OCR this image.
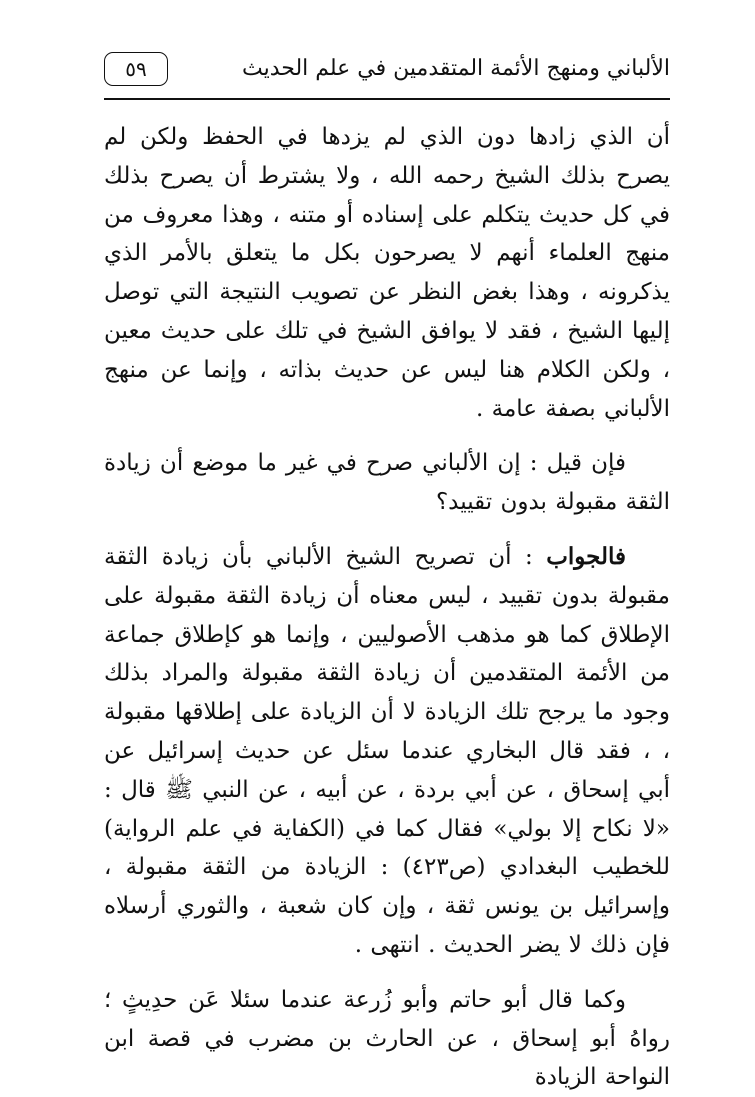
الألباني ومنهج الأئمة المتقدمين في علم الحديث
٥٩

أن الذي زادها دون الذي لم يزدها في الحفظ ولكن لم يصرح بذلك الشيخ رحمه الله ، ولا يشترط أن يصرح بذلك في كل حديث يتكلم على إسناده أو متنه ، وهذا معروف من منهج العلماء أنهم لا يصرحون بكل ما يتعلق بالأمر الذي يذكرونه ، وهذا بغض النظر عن تصويب النتيجة التي توصل إليها الشيخ ، فقد لا يوافق الشيخ في تلك على حديث معين ، ولكن الكلام هنا ليس عن حديث بذاته ، وإنما عن منهج الألباني بصفة عامة .

فإن قيل : إن الألباني صرح في غير ما موضع أن زيادة الثقة مقبولة بدون تقييد؟

فالجواب : أن تصريح الشيخ الألباني بأن زيادة الثقة مقبولة بدون تقييد ، ليس معناه أن زيادة الثقة مقبولة على الإطلاق كما هو مذهب الأصوليين ، وإنما هو كإطلاق جماعة من الأئمة المتقدمين أن زيادة الثقة مقبولة والمراد بذلك وجود ما يرجح تلك الزيادة لا أن الزيادة على إطلاقها مقبولة ، ، فقد قال البخاري عندما سئل عن حديث إسرائيل عن أبي إسحاق ، عن أبي بردة ، عن أبيه ، عن النبي ﷺ قال : «لا نكاح إلا بولي» فقال كما في (الكفاية في علم الرواية) للخطيب البغدادي (ص٤٢٣) : الزيادة من الثقة مقبولة ، وإسرائيل بن يونس ثقة ، وإن كان شعبة ، والثوري أرسلاه فإن ذلك لا يضر الحديث . انتهى .

وكما قال أبو حاتم وأبو زُرعة عندما سئلا عَن حدِيثٍ ؛ رواهُ أبو إسحاق ، عن الحارث بن مضرب في قصة ابن النواحة الزيادة
